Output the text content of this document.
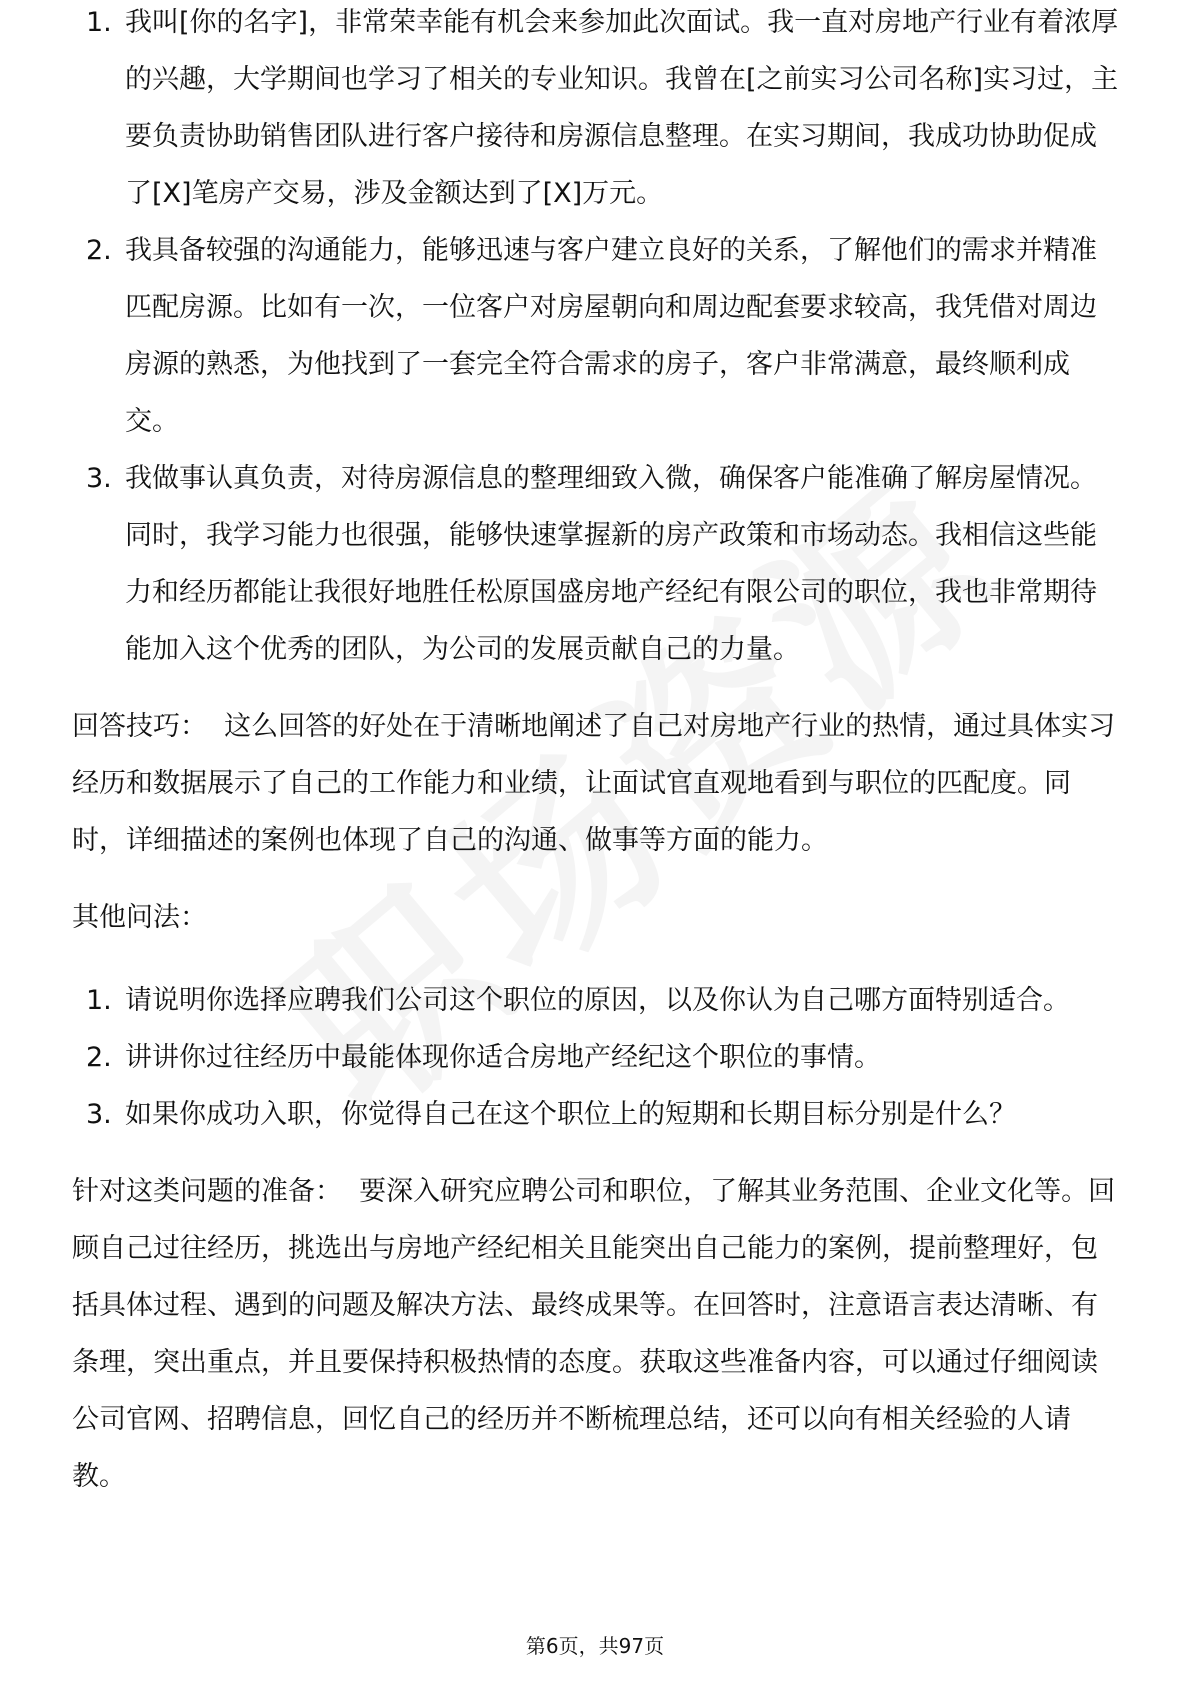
1. 我叫[你的名字]，非常荣幸能有机会来参加此次面试。我一直对房地产行业有着浓厚的兴趣，大学期间也学习了相关的专业知识。我曾在[之前实习公司名称]实习过，主要负责协助销售团队进行客户接待和房源信息整理。在实习期间，我成功协助促成了[X]笔房产交易，涉及金额达到了[X]万元。
2. 我具备较强的沟通能力，能够迅速与客户建立良好的关系，了解他们的需求并精准匹配房源。比如有一次，一位客户对房屋朝向和周边配套要求较高，我凭借对周边房源的熟悉，为他找到了一套完全符合需求的房子，客户非常满意，最终顺利成交。
3. 我做事认真负责，对待房源信息的整理细致入微，确保客户能准确了解房屋情况。同时，我学习能力也很强，能够快速掌握新的房产政策和市场动态。我相信这些能力和经历都能让我很好地胜任松原国盛房地产经纪有限公司的职位，我也非常期待能加入这个优秀的团队，为公司的发展贡献自己的力量。

回答技巧： 这么回答的好处在于清晰地阐述了自己对房地产行业的热情，通过具体实习经历和数据展示了自己的工作能力和业绩，让面试官直观地看到与职位的匹配度。同时，详细描述的案例也体现了自己的沟通、做事等方面的能力。

其他问法：

1. 请说明你选择应聘我们公司这个职位的原因，以及你认为自己哪方面特别适合。
2. 讲讲你过往经历中最能体现你适合房地产经纪这个职位的事情。
3. 如果你成功入职，你觉得自己在这个职位上的短期和长期目标分别是什么？

针对这类问题的准备： 要深入研究应聘公司和职位，了解其业务范围、企业文化等。回顾自己过往经历，挑选出与房地产经纪相关且能突出自己能力的案例，提前整理好，包括具体过程、遇到的问题及解决方法、最终成果等。在回答时，注意语言表达清晰、有条理，突出重点，并且要保持积极热情的态度。获取这些准备内容，可以通过仔细阅读公司官网、招聘信息，回忆自己的经历并不断梳理总结，还可以向有相关经验的人请教。

第6页，共97页
